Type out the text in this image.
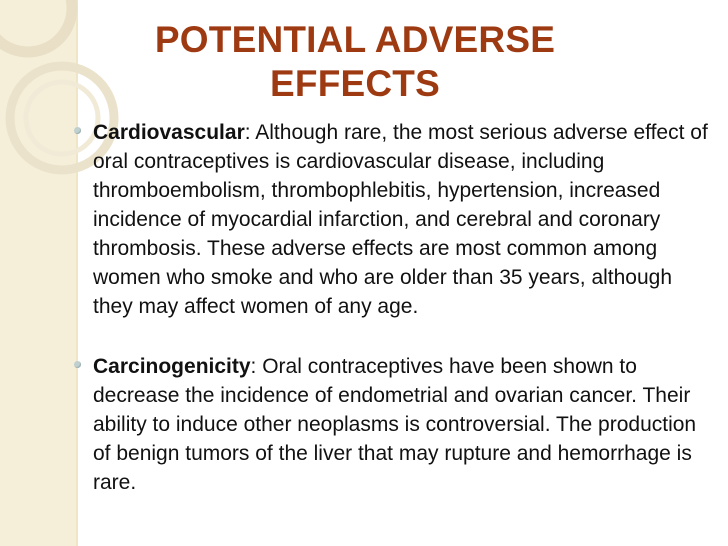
POTENTIAL ADVERSE
EFFECTS
Cardiovascular: Although rare, the most serious adverse effect of oral contraceptives is cardiovascular disease, including thromboembolism, thrombophlebitis, hypertension, increased incidence of myocardial infarction, and cerebral and coronary thrombosis. These adverse effects are most common among women who smoke and who are older than 35 years, although they may affect women of any age.
Carcinogenicity: Oral contraceptives have been shown to decrease the incidence of endometrial and ovarian cancer. Their ability to induce other neoplasms is controversial. The production of benign tumors of the liver that may rupture and hemorrhage is rare.
